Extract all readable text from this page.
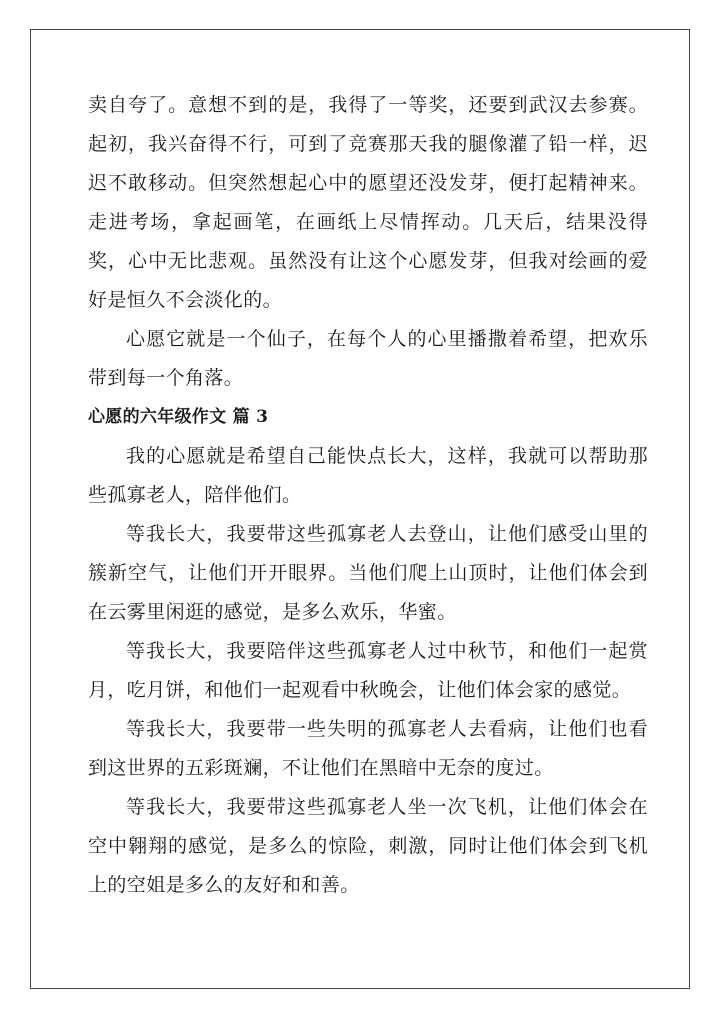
卖自夸了。意想不到的是，我得了一等奖，还要到武汉去参赛。起初，我兴奋得不行，可到了竞赛那天我的腿像灌了铅一样，迟迟不敢移动。但突然想起心中的愿望还没发芽，便打起精神来。走进考场，拿起画笔，在画纸上尽情挥动。几天后，结果没得奖，心中无比悲观。虽然没有让这个心愿发芽，但我对绘画的爱好是恒久不会淡化的。

心愿它就是一个仙子，在每个人的心里播撒着希望，把欢乐带到每一个角落。

心愿的六年级作文 篇 3

我的心愿就是希望自己能快点长大，这样，我就可以帮助那些孤寡老人，陪伴他们。

等我长大，我要带这些孤寡老人去登山，让他们感受山里的簇新空气，让他们开开眼界。当他们爬上山顶时，让他们体会到在云雾里闲逛的感觉，是多么欢乐，华蜜。

等我长大，我要陪伴这些孤寡老人过中秋节，和他们一起赏月，吃月饼，和他们一起观看中秋晚会，让他们体会家的感觉。

等我长大，我要带一些失明的孤寡老人去看病，让他们也看到这世界的五彩斑斓，不让他们在黑暗中无奈的度过。

等我长大，我要带这些孤寡老人坐一次飞机，让他们体会在空中翱翔的感觉，是多么的惊险，刺激，同时让他们体会到飞机上的空姐是多么的友好和和善。
